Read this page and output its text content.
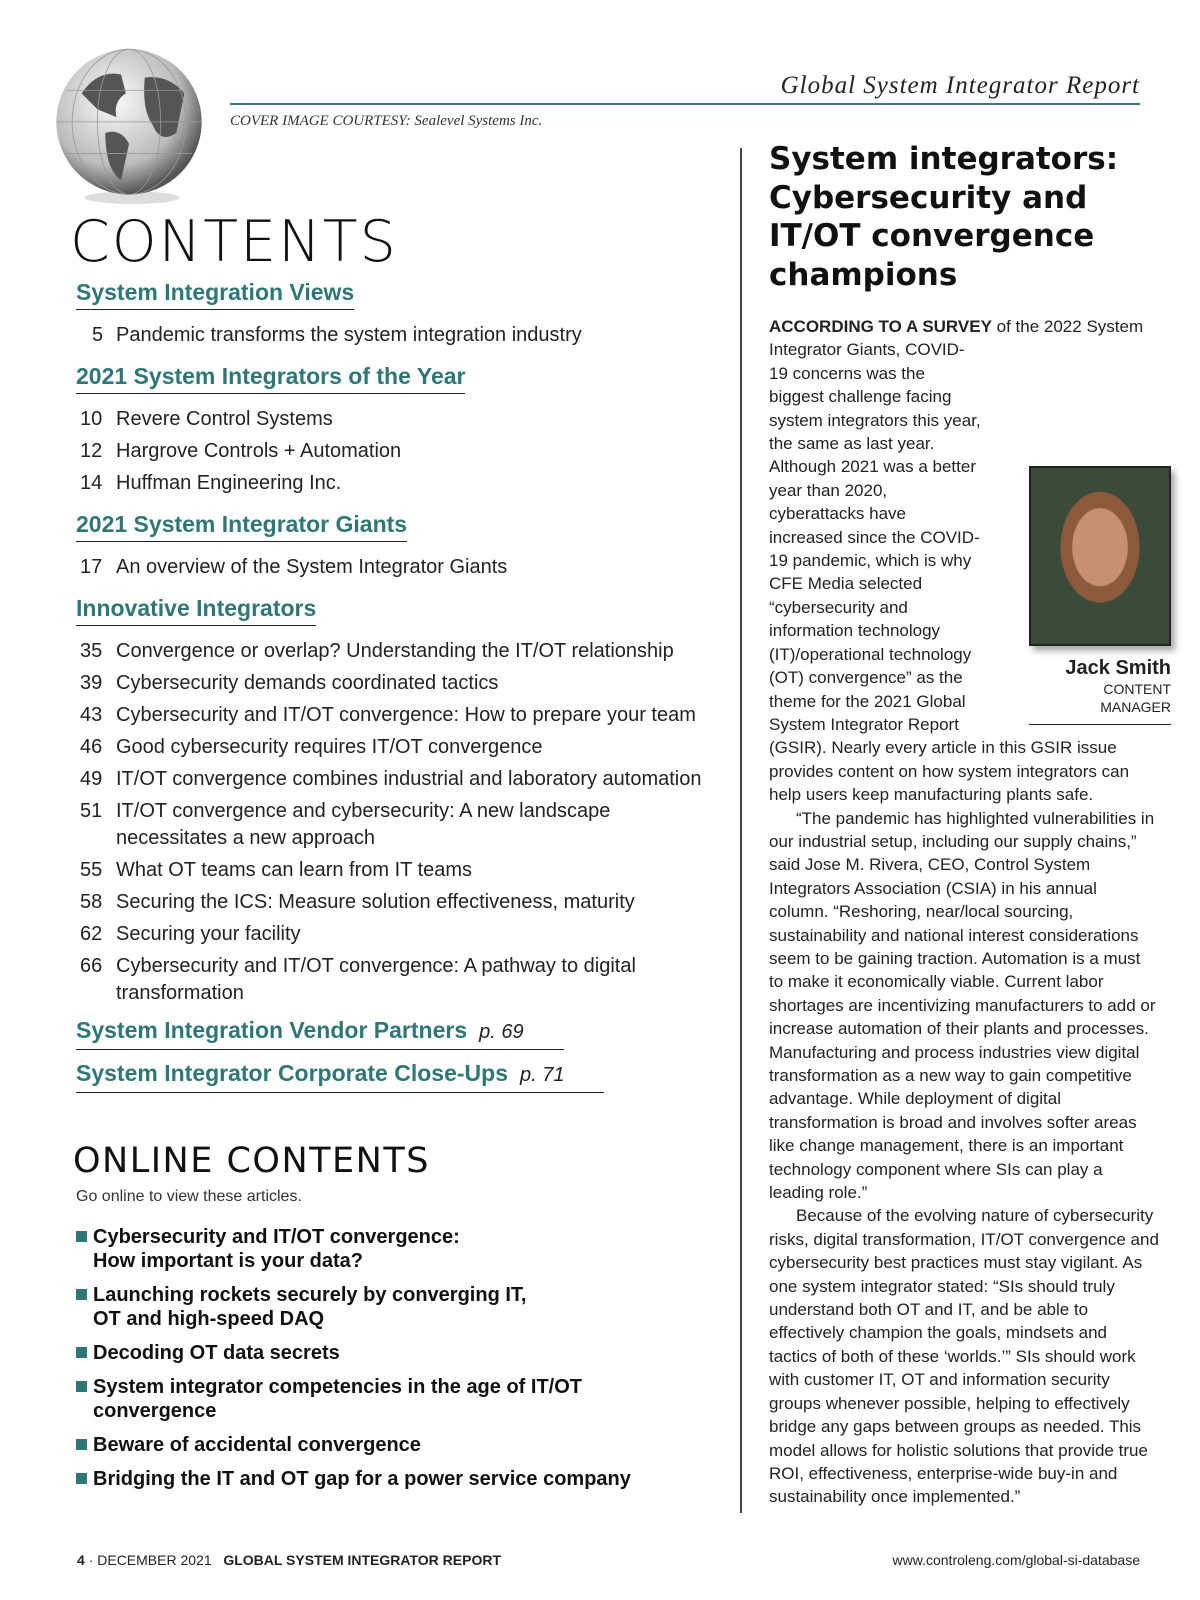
Global System Integrator Report
COVER IMAGE COURTESY: Sealevel Systems Inc.
CONTENTS
System Integration Views
5 Pandemic transforms the system integration industry
2021 System Integrators of the Year
10 Revere Control Systems
12 Hargrove Controls + Automation
14 Huffman Engineering Inc.
2021 System Integrator Giants
17 An overview of the System Integrator Giants
Innovative Integrators
35 Convergence or overlap? Understanding the IT/OT relationship
39 Cybersecurity demands coordinated tactics
43 Cybersecurity and IT/OT convergence: How to prepare your team
46 Good cybersecurity requires IT/OT convergence
49 IT/OT convergence combines industrial and laboratory automation
51 IT/OT convergence and cybersecurity: A new landscape necessitates a new approach
55 What OT teams can learn from IT teams
58 Securing the ICS: Measure solution effectiveness, maturity
62 Securing your facility
66 Cybersecurity and IT/OT convergence: A pathway to digital transformation
System Integration Vendor Partners p. 69
System Integrator Corporate Close-Ups p. 71
ONLINE CONTENTS
Go online to view these articles.
Cybersecurity and IT/OT convergence: How important is your data?
Launching rockets securely by converging IT, OT and high-speed DAQ
Decoding OT data secrets
System integrator competencies in the age of IT/OT convergence
Beware of accidental convergence
Bridging the IT and OT gap for a power service company
System integrators: Cybersecurity and IT/OT convergence champions

ACCORDING TO A SURVEY
Jack Smith
CONTENT MANAGER
of the 2022 System Integrator Giants, COVID-19 concerns was the biggest challenge facing system integrators this year, the same as last year. Although 2021 was a better year than 2020, cyberattacks have increased since the COVID-19 pandemic, which is why CFE Media selected “cybersecurity and information technology (IT)/operational technology (OT) convergence” as the theme for the 2021 Global System Integrator Report (GSIR). Nearly every article in this GSIR issue provides content on how system integrators can help users keep manufacturing plants safe.

“The pandemic has highlighted vulnerabilities in our industrial setup, including our supply chains,” said Jose M. Rivera, CEO, Control System Integrators Association (CSIA) in his annual column. “Reshoring, near/local sourcing, sustainability and national interest considerations seem to be gaining traction. Automation is a must to make it economically viable. Current labor shortages are incentivizing manufacturers to add or increase automation of their plants and processes. Manufacturing and process industries view digital transformation as a new way to gain competitive advantage. While deployment of digital transformation is broad and involves softer areas like change management, there is an important technology component where SIs can play a leading role.”

Because of the evolving nature of cybersecurity risks, digital transformation, IT/OT convergence and cybersecurity best practices must stay vigilant. As one system integrator stated: “SIs should truly understand both OT and IT, and be able to effectively champion the goals, mindsets and tactics of both of these ‘worlds.’” SIs should work with customer IT, OT and information security groups whenever possible, helping to effectively bridge any gaps between groups as needed. This model allows for holistic solutions that provide true ROI, effectiveness, enterprise-wide buy-in and sustainability once implemented.”

4 · DECEMBER 2021 GLOBAL SYSTEM INTEGRATOR REPORT	www.controleng.com/global-si-database
